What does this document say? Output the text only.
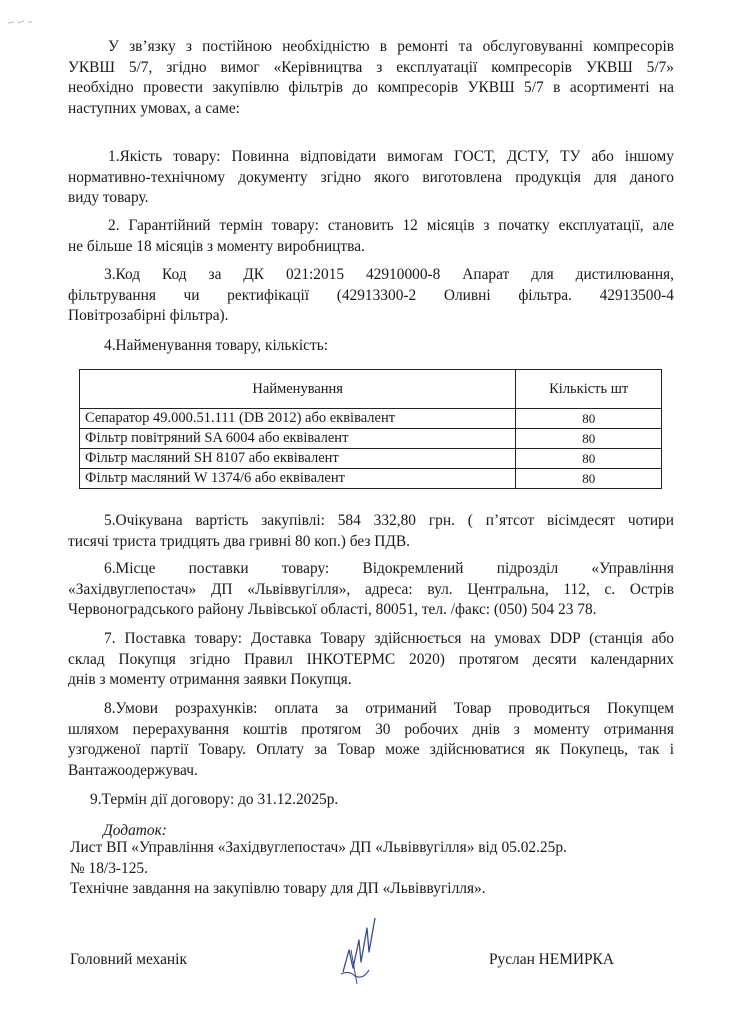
У зв’язку з постійною необхідністю в ремонті та обслуговуванні компресорів
УКВШ 5/7, згідно вимог «Керівництва з експлуатації компресорів УКВШ 5/7»
необхідно провести закупівлю фільтрів до компресорів УКВШ 5/7 в асортименті на
наступних умовах, а саме:
1.Якість товару: Повинна відповідати вимогам ГОСТ, ДСТУ, ТУ або іншому
нормативно-технічному документу згідно якого виготовлена продукція для даного
виду товару.
2. Гарантійний термін товару: становить 12 місяців з початку експлуатації, але
не більше 18 місяців з моменту виробництва.
3.Код Код за ДК 021:2015 42910000-8 Апарат для дистилювання,
фільтрування чи ректифікації (42913300-2 Оливні фільтра. 42913500-4
Повітрозабірні фільтра).
4.Найменування товару, кількість:
Найменування	Кількість шт
Сепаратор 49.000.51.111 (DB 2012) або еквівалент	80
Фільтр повітряний SA 6004 або еквівалент	80
Фільтр масляний SH 8107 або еквівалент	80
Фільтр масляний W 1374/6 або еквівалент	80
5.Очікувана вартість закупівлі: 584 332,80 грн. ( п’ятсот вісімдесят чотири
тисячі триста тридцять два гривні 80 коп.) без ПДВ.
6.Місце поставки товару: Відокремлений підрозділ «Управління
«Західвуглепостач» ДП «Львіввугілля», адреса: вул. Центральна, 112, с. Острів
Червоноградського району Львівської області, 80051, тел. /факс: (050) 504 23 78.
7. Поставка товару: Доставка Товару здійснюється на умовах DDP (станція або
склад Покупця згідно Правил ІНКОТЕРМС 2020) протягом десяти календарних
днів з моменту отримання заявки Покупця.
8.Умови розрахунків: оплата за отриманий Товар проводиться Покупцем
шляхом перерахування коштів протягом 30 робочих днів з моменту отримання
узгодженої партії Товару. Оплату за Товар може здійснюватися як Покупець, так і
Вантажоодержувач.
9.Термін дії договору: до 31.12.2025р.
Додаток:
Лист ВП «Управління «Західвуглепостач» ДП «Львіввугілля» від 05.02.25р.
№ 18/3-125.
Технічне завдання на закупівлю товару для ДП «Львіввугілля».
Головний механік	Руслан НЕМИРКА
